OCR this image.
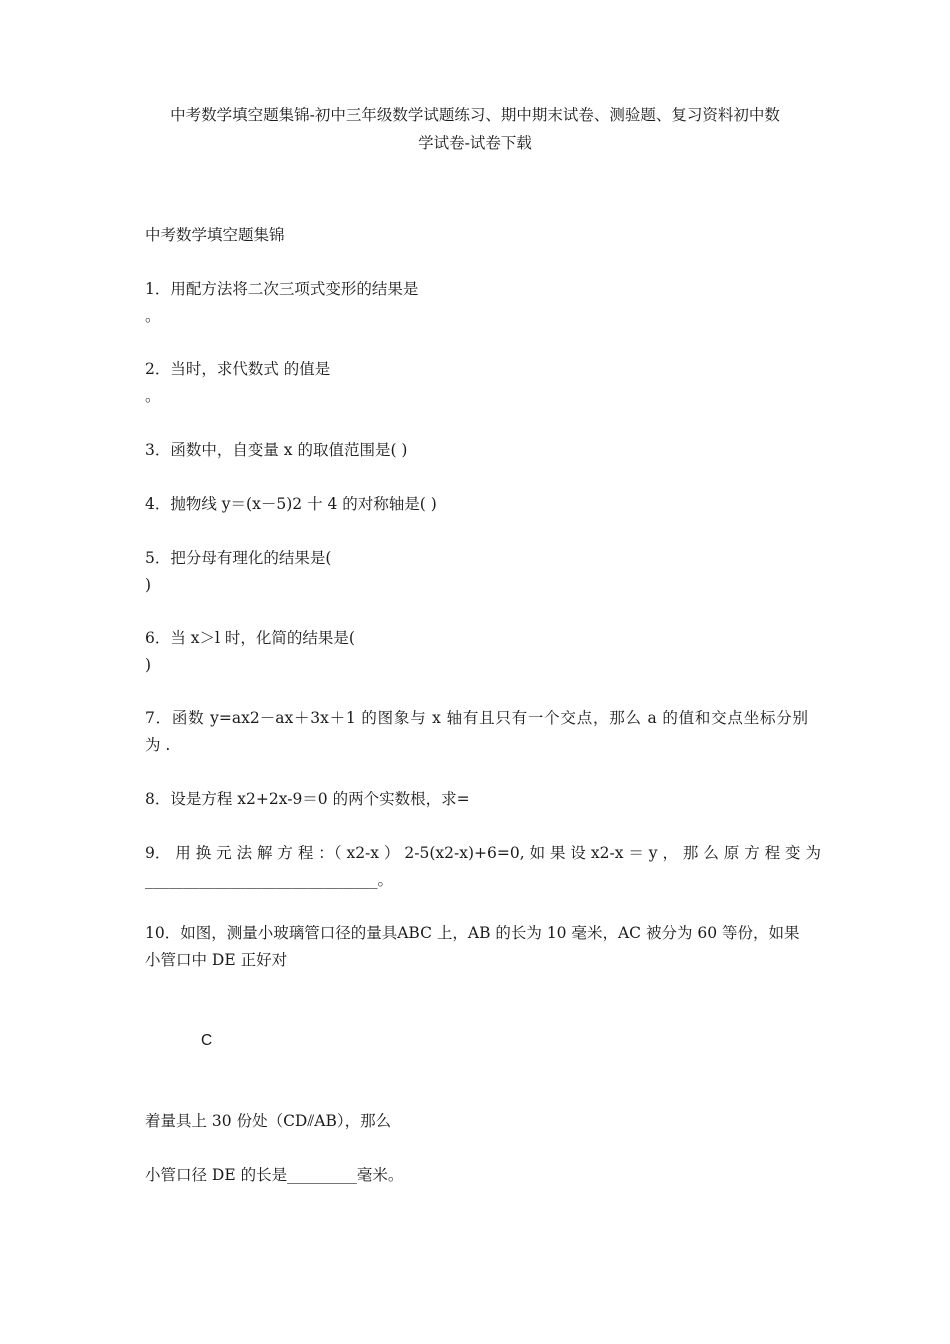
中考数学填空题集锦-初中三年级数学试题练习、期中期末试卷、测验题、复习资料初中数
学试卷-试卷下载
中考数学填空题集锦
1．用配方法将二次三项式变形的结果是
。
2．当时，求代数式 的值是
。
3．函数中，自变量 x 的取值范围是( )
4．抛物线 y＝(x－5)2 十 4 的对称轴是( )
5．把分母有理化的结果是(
)
6．当 x＞l 时，化简的结果是(
)
7．函数 y=ax2－ax＋3x＋1 的图象与 x 轴有且只有一个交点，那么 a 的值和交点坐标分别
为 .
8．设是方程 x2+2x-9＝0 的两个实数根，求=
9． 用 换 元 法 解 方 程 ：（ x2-x ） 2-5(x2-x)+6=0, 如 果 设 x2-x ＝ y ， 那 么 原 方 程 变 为
______________________________。
10．如图，测量小玻璃管口径的量具ABC 上，AB 的长为 10 毫米，AC 被分为 60 等份，如果
小管口中 DE 正好对
C
着量具上 30 份处（CD⫽AB），那么
小管口径 DE 的长是_________毫米。
